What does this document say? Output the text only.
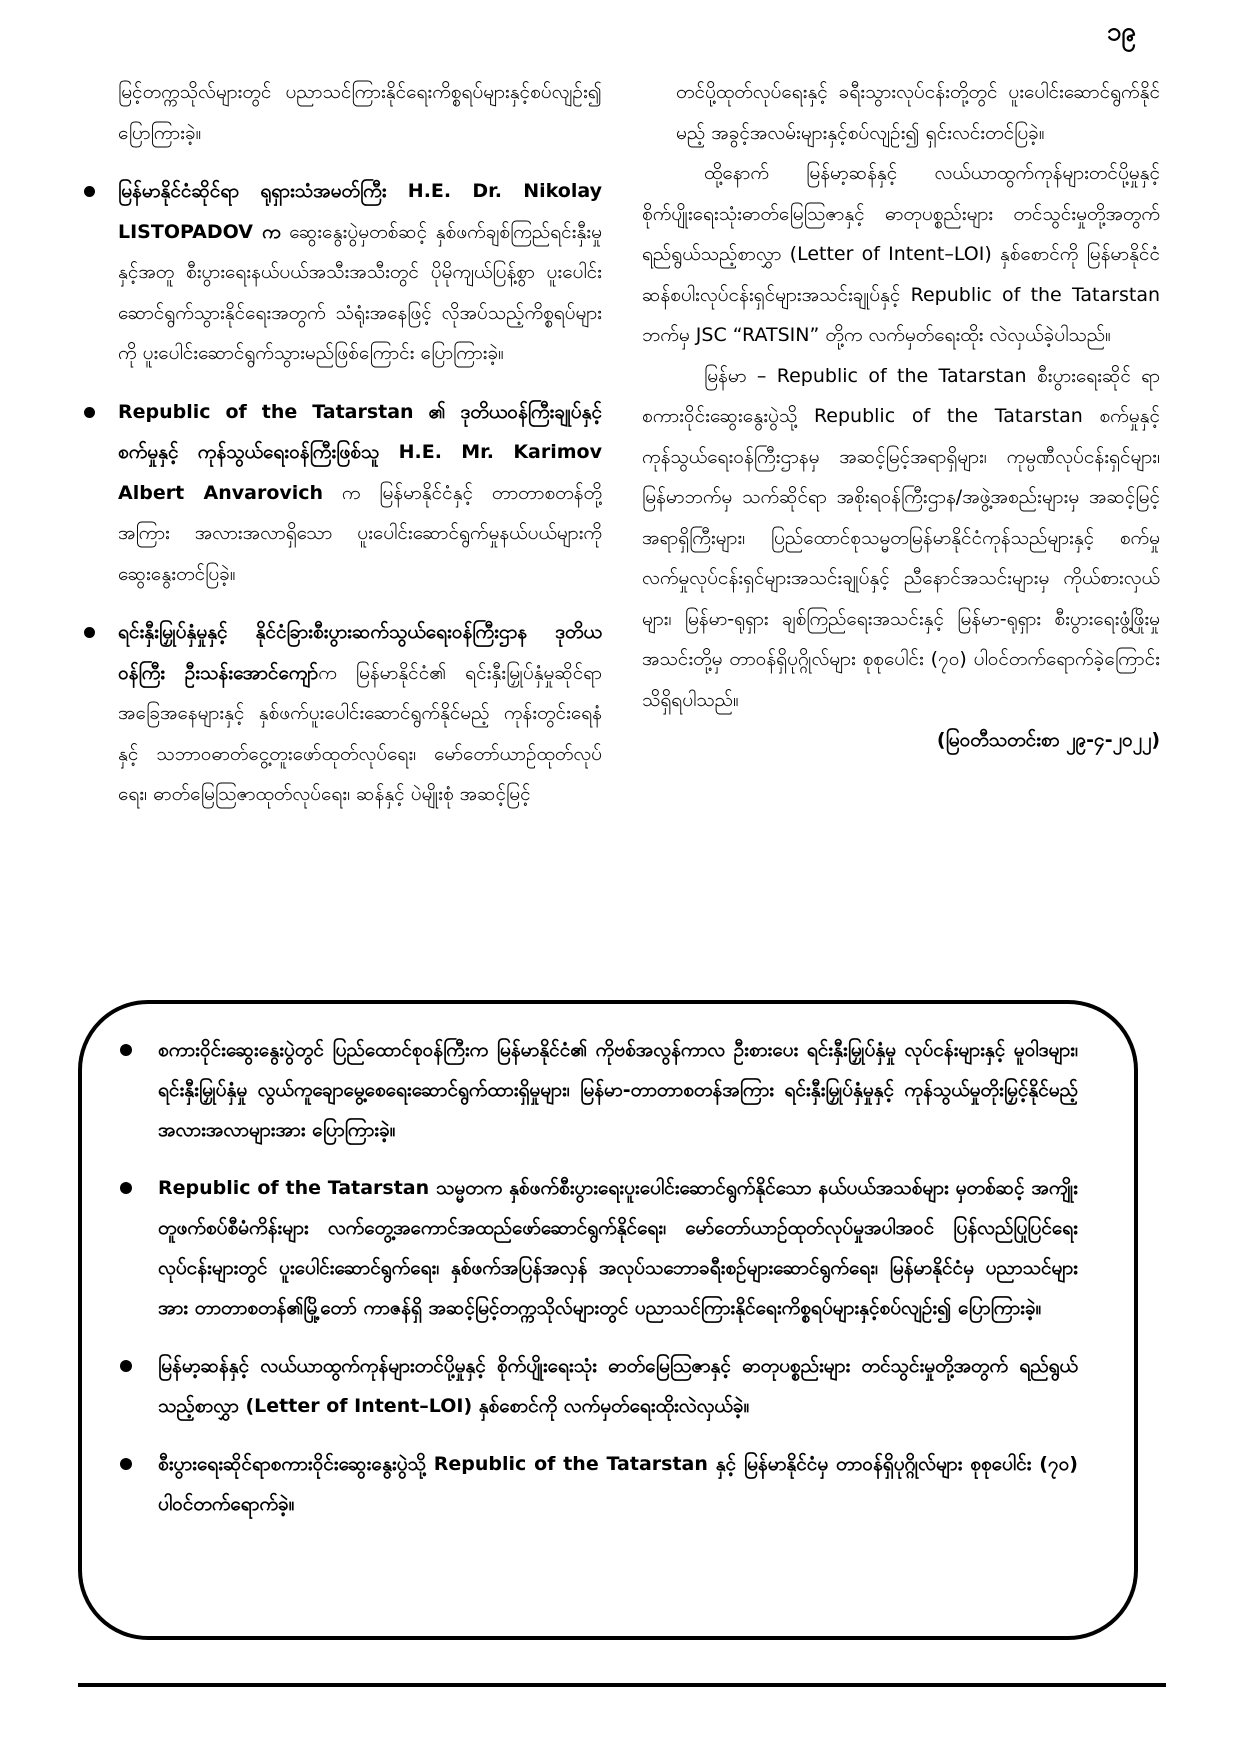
၁၉

မြင့်တက္ကသိုလ်များတွင် ပညာသင်ကြားနိုင်ရေးကိစ္စရပ်များနှင့်စပ်လျဉ်း၍ ပြောကြားခဲ့။

မြန်မာနိုင်ငံဆိုင်ရာ ရုရှားသံအမတ်ကြီး H.E. Dr. Nikolay LISTOPADOV က ဆွေးနွေးပွဲမှတစ်ဆင့် နှစ်ဖက်ချစ်ကြည်ရင်းနှီးမှုနှင့်အတူ စီးပွားရေးနယ်ပယ်အသီးအသီးတွင် ပိုမိုကျယ်ပြန့်စွာ ပူးပေါင်းဆောင်ရွက်သွားနိုင်ရေးအတွက် သံရုံးအနေဖြင့် လိုအပ်သည့်ကိစ္စရပ်များကို ပူးပေါင်းဆောင်ရွက်သွားမည်ဖြစ်ကြောင်း ပြောကြားခဲ့။
Republic of the Tatarstan ၏ ဒုတိယဝန်ကြီးချုပ်နှင့် စက်မှုနှင့် ကုန်သွယ်ရေးဝန်ကြီးဖြစ်သူ H.E. Mr. Karimov Albert Anvarovich က မြန်မာနိုင်ငံနှင့် တာတာစတန်တို့အကြား အလားအလာရှိသော ပူးပေါင်းဆောင်ရွက်မှုနယ်ပယ်များကို ဆွေးနွေးတင်ပြခဲ့။
ရင်းနှီးမြှုပ်နှံမှုနှင့် နိုင်ငံခြားစီးပွားဆက်သွယ်ရေးဝန်ကြီးဌာန ဒုတိယဝန်ကြီး ဦးသန်းအောင်ကျော်က မြန်မာနိုင်ငံ၏ ရင်းနှီးမြှုပ်နှံမှုဆိုင်ရာအခြေအနေများနှင့် နှစ်ဖက်ပူးပေါင်းဆောင်ရွက်နိုင်မည့် ကုန်းတွင်းရေနံနှင့် သဘာဝဓာတ်ငွေ့တူးဖော်ထုတ်လုပ်ရေး၊ မော်တော်ယာဉ်ထုတ်လုပ်ရေး၊ ဓာတ်မြေသြဇာထုတ်လုပ်ရေး၊ ဆန်နှင့် ပဲမျိုးစုံ အဆင့်မြင့်

တင်ပို့ထုတ်လုပ်ရေးနှင့် ခရီးသွားလုပ်ငန်းတို့တွင် ပူးပေါင်းဆောင်ရွက်နိုင်မည့် အခွင့်အလမ်းများနှင့်စပ်လျဉ်း၍ ရှင်းလင်းတင်ပြခဲ့။

ထို့နောက် မြန်မာ့ဆန်နှင့် လယ်ယာထွက်ကုန်များတင်ပို့မှုနှင့် စိုက်ပျိုးရေးသုံးဓာတ်မြေသြဇာနှင့် ဓာတုပစ္စည်းများ တင်သွင်းမှုတို့အတွက် ရည်ရွယ်သည့်စာလွှာ (Letter of Intent–LOI) နှစ်စောင်ကို မြန်မာနိုင်ငံ ဆန်စပါးလုပ်ငန်းရှင်များအသင်းချုပ်နှင့် Republic of the Tatarstan ဘက်မှ JSC “RATSIN” တို့က လက်မှတ်ရေးထိုး လဲလှယ်ခဲ့ပါသည်။

မြန်မာ – Republic of the Tatarstan စီးပွားရေးဆိုင် ရာ စကားဝိုင်းဆွေးနွေးပွဲသို့ Republic of the Tatarstan စက်မှုနှင့် ကုန်သွယ်ရေးဝန်ကြီးဌာနမှ အဆင့်မြင့်အရာရှိများ၊ ကုမ္ပဏီလုပ်ငန်းရှင်များ၊ မြန်မာဘက်မှ သက်ဆိုင်ရာ အစိုးရဝန်ကြီးဌာန/အဖွဲ့အစည်းများမှ အဆင့်မြင့်အရာရှိကြီးများ၊ ပြည်ထောင်စုသမ္မတမြန်မာနိုင်ငံကုန်သည်များနှင့် စက်မှုလက်မှုလုပ်ငန်းရှင်များအသင်းချုပ်နှင့် ညီနောင်အသင်းများမှ ကိုယ်စားလှယ်များ၊ မြန်မာ-ရုရှား ချစ်ကြည်ရေးအသင်းနှင့် မြန်မာ-ရုရှား စီးပွားရေးဖွံ့ဖြိုးမှုအသင်းတို့မှ တာဝန်ရှိပုဂ္ဂိုလ်များ စုစုပေါင်း (၇၀) ပါဝင်တက်ရောက်ခဲ့ကြောင်း သိရှိရပါသည်။

(မြဝတီသတင်းစာ ၂၉-၄-၂၀၂၂)

စကားဝိုင်းဆွေးနွေးပွဲတွင် ပြည်ထောင်စုဝန်ကြီးက မြန်မာနိုင်ငံ၏ ကိုဗစ်အလွန်ကာလ ဦးစားပေး ရင်းနှီးမြှုပ်နှံမှု လုပ်ငန်းများနှင့် မူဝါဒများ၊ ရင်းနှီးမြှုပ်နှံမှု လွယ်ကူချောမွေ့စေရေးဆောင်ရွက်ထားရှိမှုများ၊ မြန်မာ-တာတာစတန်အကြား ရင်းနှီးမြှုပ်နှံမှုနှင့် ကုန်သွယ်မှုတိုးမြှင့်နိုင်မည့် အလားအလာများအား ပြောကြားခဲ့။
Republic of the Tatarstan သမ္မတက နှစ်ဖက်စီးပွားရေးပူးပေါင်းဆောင်ရွက်နိုင်သော နယ်ပယ်အသစ်များ မှတစ်ဆင့် အကျိုးတူဖက်စပ်စီမံကိန်းများ လက်တွေ့အကောင်အထည်ဖော်ဆောင်ရွက်နိုင်ရေး၊ မော်တော်ယာဉ်ထုတ်လုပ်မှုအပါအဝင် ပြန်လည်ပြုပြင်ရေးလုပ်ငန်းများတွင် ပူးပေါင်းဆောင်ရွက်ရေး၊ နှစ်ဖက်အပြန်အလှန် အလုပ်သဘောခရီးစဉ်များဆောင်ရွက်ရေး၊ မြန်မာနိုင်ငံမှ ပညာသင်များအား တာတာစတန်၏မြို့တော် ကာဇန်ရှိ အဆင့်မြင့်တက္ကသိုလ်များတွင် ပညာသင်ကြားနိုင်ရေးကိစ္စရပ်များနှင့်စပ်လျဉ်း၍ ပြောကြားခဲ့။
မြန်မာ့ဆန်နှင့် လယ်ယာထွက်ကုန်များတင်ပို့မှုနှင့် စိုက်ပျိုးရေးသုံး ဓာတ်မြေသြဇာနှင့် ဓာတုပစ္စည်းများ တင်သွင်းမှုတို့အတွက် ရည်ရွယ်သည့်စာလွှာ (Letter of Intent–LOI) နှစ်စောင်ကို လက်မှတ်ရေးထိုးလဲလှယ်ခဲ့။
စီးပွားရေးဆိုင်ရာစကားဝိုင်းဆွေးနွေးပွဲသို့ Republic of the Tatarstan နှင့် မြန်မာနိုင်ငံမှ တာဝန်ရှိပုဂ္ဂိုလ်များ စုစုပေါင်း (၇၀) ပါဝင်တက်ရောက်ခဲ့။
